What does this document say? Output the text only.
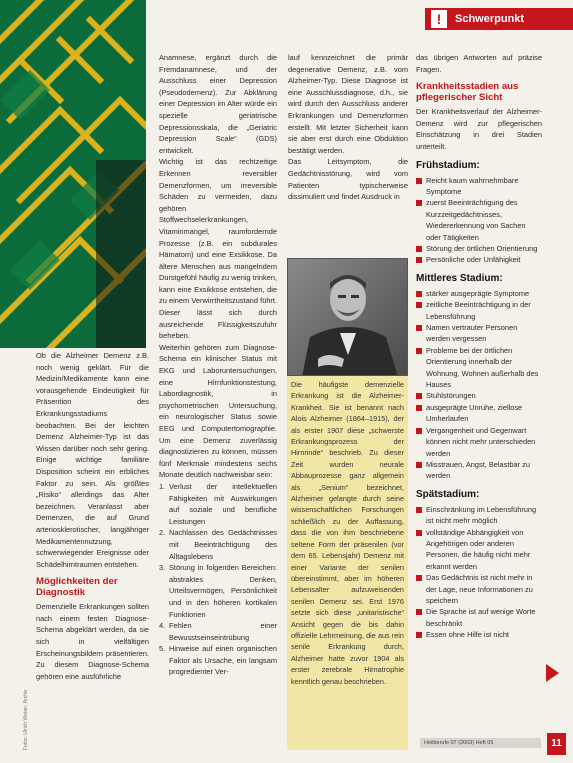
!	Schwerpunkt

Ob die Alzheimer Demenz z.B. noch wenig geklärt. Für die Medizin/Medikamente kann eine vorausgehende Eindeutigkeit für Präsention des Erkrankungsstadiums beobachten. Bei der leichten Demenz Alzheimer-Typ ist das Wissen darüber noch sehr gering. Einige wichtige familiäre Disposition scheint ein erbliches Faktor zu sein. Als größtes „Risiko“ allerdings das Alter bezeichnen. Veranlasst aber Demenzen, die auf Grund arteriosklerotischer, langjähriger Medikamentennutzung, schwerwiegender Ereignisse oder Schädelhirntraumen entstehen.

Möglichkeiten der Diagnostik

Demenzielle Erkrankungen sollten nach einem festen Diagnose-Schema abgeklärt werden, da sie sich in vielfältigen Erscheinungsbildern präsentieren. Zu diesem Diagnose-Schema gehören eine ausführliche

Fotos: Ulrich Weber; Archiv

Anamnese, ergänzt durch die Fremdanamnese, und der Ausschluss einer Depression (Pseudodemenz). Zur Abklärung einer Depression im Alter würde ein spezielle geriatrische Depressionsskala, die „Geriatric Depression Scale“ (GDS) entwickelt.

Wichtig ist das rechtzeitige Erkennen reversibler Demenzformen, um irreversible Schäden zu vermeiden, dazu gehören Stoffwechselerkrankungen, Vitaminmangel, raumfordernde Prozesse (z.B. ein subdurales Hämatom) und eine Exsikkose. Da ältere Menschen aus mangelndem Durstgefühl häufig zu wenig trinken, kann eine Exsikkose entstehen, die zu einem Verwirrtheitszustand führt. Dieser lässt sich durch ausreichende Flüssigkeitszufuhr beheben.

Weiterhin gehören zum Diagnose-Schema ein klinischer Status mit EKG und Laboruntersuchungen, eine Hirnfunktionstestung, Labordiagnostik, in psychometrischen Untersuchung, ein neurologischer Status sowie EEG und Computertomographie. Um eine Demenz zuverlässig diagnostizieren zu können, müssen fünf Merkmale mindestens sechs Monate deutlich nachweisbar sein:

1. Verlust der intellektuellen Fähigkeiten mit Auswirkungen auf soziale und berufliche Leistungen
2. Nachlassen des Gedächtnisses mit Beeinträchtigung des Alltagslebens
3. Störung in folgenden Bereichen: abstraktes Denken, Urteilsvermögen, Persönlichkeit und in den höheren kortikalen Funktionen
4. Fehlen einer Bewusstseinseintrübung
5. Hinweise auf einen organischen Faktor als Ursache, ein langsam progredienter Ver-

lauf kennzeichnet die primär degenerative Demenz, z.B. vom Alzheimer-Typ. Diese Diagnose ist eine Ausschlussdiagnose, d.h., sie wird durch den Ausschluss anderer Erkrankungen und Demenzformen erstellt. Mit letzter Sicherheit kann sie aber erst durch eine Obduktion bestätigt werden.

Das Leitsymptom, die Gedächtnisstörung, wird vom Patienten typischerweise dissimuliert und findet Ausdruck in

Die häufigste demenzielle Erkrankung ist die Alzheimer-Krankheit. Sie ist benannt nach Alois Alzheimer (1864–1915), der als erster 1907 diese „schwerste Erkrankungsprozess der Hirnrinde“ beschrieb. Zu dieser Zeit wurden neurale Abbauprozesse ganz allgemein als „Senium“ bezeichnet, Alzheimer gelangte durch seine wissenschaftlichen Forschungen schließlich zu der Auffassung, dass die von ihm beschriebene seltene Form der präsenilen (vor dem 65. Lebensjahr) Demenz mit einer Variante der senilen übereinstimmt, aber im höheren Lebensalter aufzuweisenden senilen Demenz sei. Erst 1976 setzte sich diese „unitaristische“ Ansicht gegen die bis dahin offizielle Lehrmeinung, die aus rein senile Erkrankung durch, Alzheimer hatte zuvor 1904 als erster zerebrale Hirnatrophie kenntlich genau beschrieben.

das übrigen Antworten auf präzise Fragen.

Krankheitsstadien aus pflegerischer Sicht

Der Krankheitsverlauf der Alzheimer-Demenz wird zur pflegerischen Einschätzung in drei Stadien unterteilt.

Frühstadium:
Reicht kaum wahrnehmbare Symptome
zuerst Beeinträchtigung des Kurzzeitgedächtnisses, Wiedererkennung von Sachen oder Tätigkeiten
Störung der örtlichen Orientierung
Persönliche oder Unfähigkeit
Mittleres Stadium:
stärker ausgeprägte Symptome
zeitliche Beeinträchtigung in der Lebensführung
Namen vertrauter Personen werden vergessen
Probleme bei der örtlichen Orientierung innerhalb der Wohnung, Wohnen außerhalb des Hauses
Stuhlstörungen
ausgeprägte Unruhe, ziellose Umherlaufen
Vergangenheit und Gegenwart können nicht mehr unterschieden werden
Misstrauen, Angst, Belastbar zu werden
Spätstadium:
Einschränkung im Lebensführung ist nicht mehr möglich
vollständige Abhängigkeit von Angehörigen oder anderen Personen, die häufig nicht mehr erkannt werden
Das Gedächtnis ist nicht mehr in der Lage, neue Informationen zu speichern
Die Sprache ist auf wenige Worte beschränkt
Essen ohne Hilfe ist nicht
Heilberufe 07 (2003) Heft 05	11
